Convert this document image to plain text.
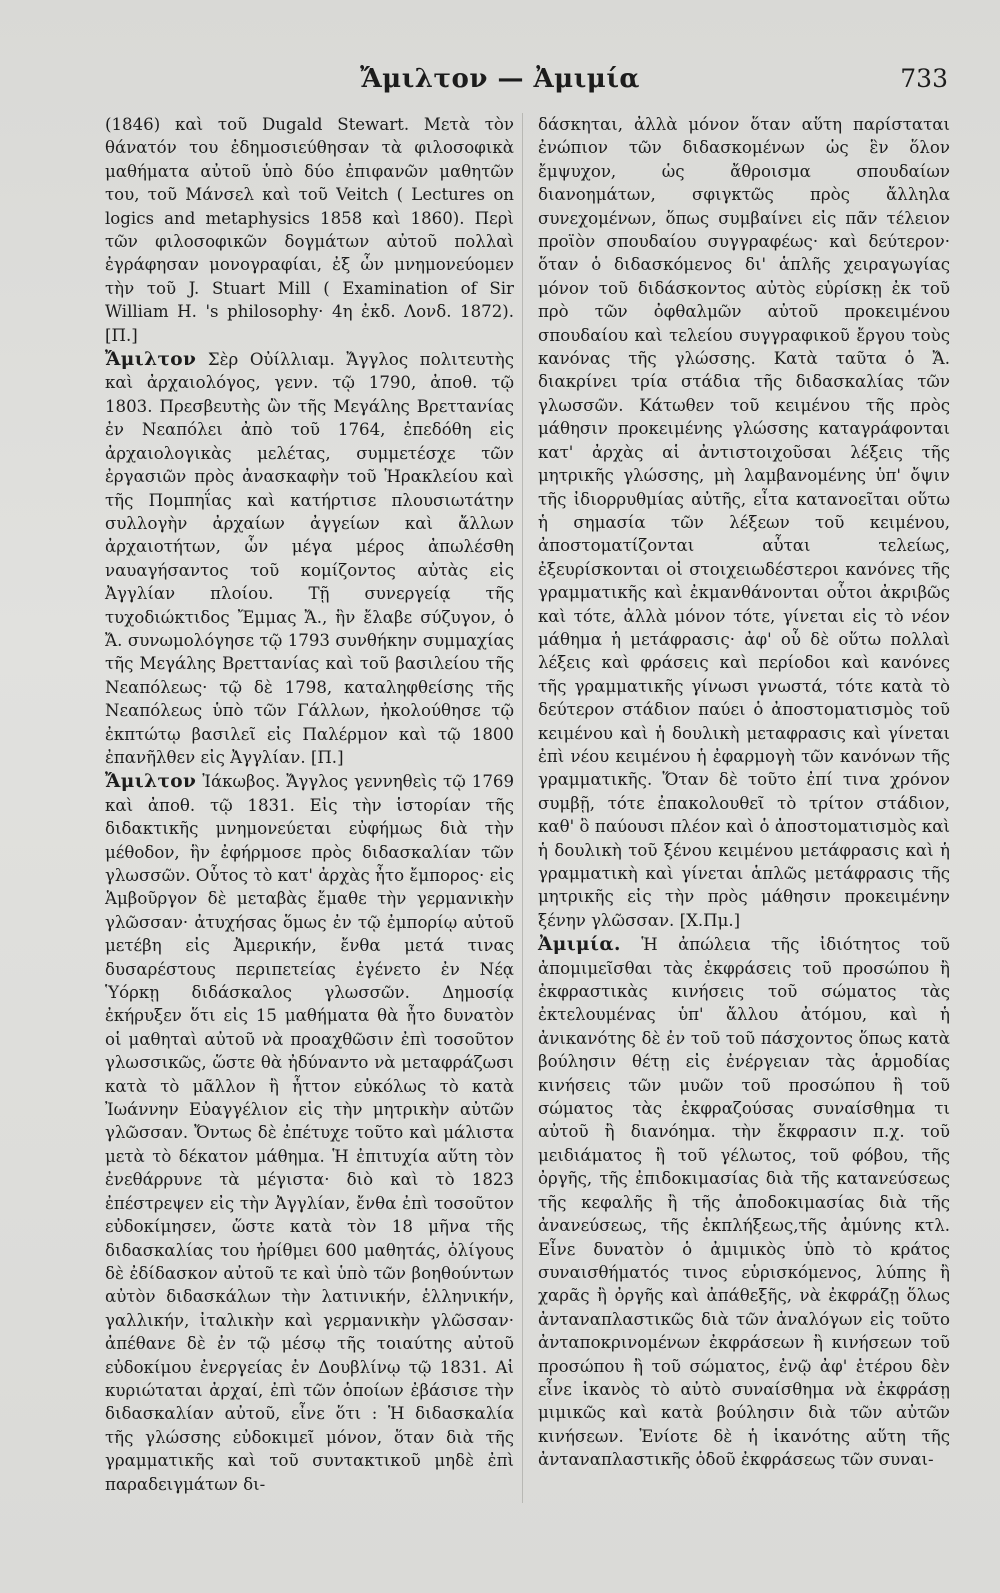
Ἄμιλτον — Ἀμιμία	733

(1846) καὶ τοῦ Dugald Stewart. Μετὰ τὸν θάνατόν του ἐδημοσιεύθησαν τὰ φιλοσοφικὰ μαθήματα αὐτοῦ ὑπὸ δύο ἐπιφανῶν μαθητῶν του, τοῦ Μάνσελ καὶ τοῦ Veitch ( Lectures on logics and metaphysics 1858 καὶ 1860). Περὶ τῶν φιλοσοφικῶν δογμάτων αὐτοῦ πολλαὶ ἐγράφησαν μονογραφίαι, ἐξ ὧν μνημονεύομεν τὴν τοῦ J. Stuart Mill ( Examination of Sir William H. 's philosophy· 4η ἐκδ. Λονδ. 1872). [Π.]

Ἄμιλτον Σὲρ Οὐίλλιαμ. Ἄγγλος πολιτευτὴς καὶ ἀρχαιολόγος, γενν. τῷ 1790, ἀποθ. τῷ 1803. Πρεσβευτὴς ὢν τῆς Μεγάλης Βρεττανίας ἐν Νεαπόλει ἀπὸ τοῦ 1764, ἐπεδόθη εἰς ἀρχαιολογικὰς μελέτας, συμμετέσχε τῶν ἐργασιῶν πρὸς ἀνασκαφὴν τοῦ Ἡρακλείου καὶ τῆς Πομπηΐας καὶ κατήρτισε πλουσιωτάτην συλλογὴν ἀρχαίων ἀγγείων καὶ ἄλλων ἀρχαιοτήτων, ὧν μέγα μέρος ἀπωλέσθη ναυαγήσαντος τοῦ κομίζοντος αὐτὰς εἰς Ἀγγλίαν πλοίου. Τῇ συνεργείᾳ τῆς τυχοδιώκτιδος Ἔμμας Ἄ., ἣν ἔλαβε σύζυγον, ὁ Ἄ. συνωμολόγησε τῷ 1793 συνθήκην συμμαχίας τῆς Μεγάλης Βρεττανίας καὶ τοῦ βασιλείου τῆς Νεαπόλεως· τῷ δὲ 1798, καταληφθείσης τῆς Νεαπόλεως ὑπὸ τῶν Γάλλων, ἠκολούθησε τῷ ἐκπτώτῳ βασιλεῖ εἰς Παλέρμον καὶ τῷ 1800 ἐπανῆλθεν εἰς Ἀγγλίαν. [Π.]

Ἄμιλτον Ἰάκωβος. Ἄγγλος γεννηθεὶς τῷ 1769 καὶ ἀποθ. τῷ 1831. Εἰς τὴν ἱστορίαν τῆς διδακτικῆς μνημονεύεται εὐφήμως διὰ τὴν μέθοδον, ἣν ἐφήρμοσε πρὸς διδασκαλίαν τῶν γλωσσῶν. Οὗτος τὸ κατ' ἀρχὰς ἦτο ἔμπορος· εἰς Ἁμβοῦργον δὲ μεταβὰς ἔμαθε τὴν γερμανικὴν γλῶσσαν· ἀτυχήσας ὅμως ἐν τῷ ἐμπορίῳ αὐτοῦ μετέβη εἰς Ἀμερικήν, ἔνθα μετά τινας δυσαρέστους περιπετείας ἐγένετο ἐν Νέᾳ Ὑόρκῃ διδάσκαλος γλωσσῶν. Δημοσίᾳ ἐκήρυξεν ὅτι εἰς 15 μαθήματα θὰ ἦτο δυνατὸν οἱ μαθηταὶ αὐτοῦ νὰ προαχθῶσιν ἐπὶ τοσοῦτον γλωσσικῶς, ὥστε θὰ ἠδύναντο νὰ μεταφράζωσι κατὰ τὸ μᾶλλον ἢ ἧττον εὐκόλως τὸ κατὰ Ἰωάννην Εὐαγγέλιον εἰς τὴν μητρικὴν αὐτῶν γλῶσσαν. Ὄντως δὲ ἐπέτυχε τοῦτο καὶ μάλιστα μετὰ τὸ δέκατον μάθημα. Ἡ ἐπιτυχία αὕτη τὸν ἐνεθάρρυνε τὰ μέγιστα· διὸ καὶ τὸ 1823 ἐπέστρεψεν εἰς τὴν Ἀγγλίαν, ἔνθα ἐπὶ τοσοῦτον εὐδοκίμησεν, ὥστε κατὰ τὸν 18 μῆνα τῆς διδασκαλίας του ἠρίθμει 600 μαθητάς, ὀλίγους δὲ ἐδίδασκον αὐτοῦ τε καὶ ὑπὸ τῶν βοηθούντων αὐτὸν διδασκάλων τὴν λατινικήν, ἑλληνικήν, γαλλικήν, ἰταλικὴν καὶ γερμανικὴν γλῶσσαν· ἀπέθανε δὲ ἐν τῷ μέσῳ τῆς τοιαύτης αὐτοῦ εὐδοκίμου ἐνεργείας ἐν Δουβλίνῳ τῷ 1831. Αἱ κυριώταται ἀρχαί, ἐπὶ τῶν ὁποίων ἐβάσισε τὴν διδασκαλίαν αὐτοῦ, εἶνε ὅτι : Ἡ διδασκαλία τῆς γλώσσης εὐδοκιμεῖ μόνον, ὅταν διὰ τῆς γραμματικῆς καὶ τοῦ συντακτικοῦ μηδὲ ἐπὶ παραδειγμάτων δι-

δάσκηται, ἀλλὰ μόνον ὅταν αὕτη παρίσταται ἐνώπιον τῶν διδασκομένων ὡς ἓν ὅλον ἔμψυχον, ὡς ἄθροισμα σπουδαίων διανοημάτων, σφιγκτῶς πρὸς ἄλληλα συνεχομένων, ὅπως συμβαίνει εἰς πᾶν τέλειον προϊὸν σπουδαίου συγγραφέως· καὶ δεύτερον· ὅταν ὁ διδασκόμενος δι' ἁπλῆς χειραγωγίας μόνον τοῦ διδάσκοντος αὐτὸς εὑρίσκῃ ἐκ τοῦ πρὸ τῶν ὀφθαλμῶν αὐτοῦ προκειμένου σπουδαίου καὶ τελείου συγγραφικοῦ ἔργου τοὺς κανόνας τῆς γλώσσης. Κατὰ ταῦτα ὁ Ἄ. διακρίνει τρία στάδια τῆς διδασκαλίας τῶν γλωσσῶν. Κάτωθεν τοῦ κειμένου τῆς πρὸς μάθησιν προκειμένης γλώσσης καταγράφονται κατ' ἀρχὰς αἱ ἀντιστοιχοῦσαι λέξεις τῆς μητρικῆς γλώσσης, μὴ λαμβανομένης ὑπ' ὄψιν τῆς ἰδιορρυθμίας αὐτῆς, εἶτα κατανοεῖται οὕτω ἡ σημασία τῶν λέξεων τοῦ κειμένου, ἀποστοματίζονται αὗται τελείως, ἐξευρίσκονται οἱ στοιχειωδέστεροι κανόνες τῆς γραμματικῆς καὶ ἐκμανθάνονται οὗτοι ἀκριβῶς καὶ τότε, ἀλλὰ μόνον τότε, γίνεται εἰς τὸ νέον μάθημα ἡ μετάφρασις· ἀφ' οὗ δὲ οὕτω πολλαὶ λέξεις καὶ φράσεις καὶ περίοδοι καὶ κανόνες τῆς γραμματικῆς γίνωσι γνωστά, τότε κατὰ τὸ δεύτερον στάδιον παύει ὁ ἀποστοματισμὸς τοῦ κειμένου καὶ ἡ δουλικὴ μεταφρασις καὶ γίνεται ἐπὶ νέου κειμένου ἡ ἐφαρμογὴ τῶν κανόνων τῆς γραμματικῆς. Ὅταν δὲ τοῦτο ἐπί τινα χρόνον συμβῇ, τότε ἐπακολουθεῖ τὸ τρίτον στάδιον, καθ' ὃ παύουσι πλέον καὶ ὁ ἀποστοματισμὸς καὶ ἡ δουλικὴ τοῦ ξένου κειμένου μετάφρασις καὶ ἡ γραμματικὴ καὶ γίνεται ἁπλῶς μετάφρασις τῆς μητρικῆς εἰς τὴν πρὸς μάθησιν προκειμένην ξένην γλῶσσαν. [Χ.Πμ.]

Ἀμιμία. Ἡ ἀπώλεια τῆς ἰδιότητος τοῦ ἀπομιμεῖσθαι τὰς ἐκφράσεις τοῦ προσώπου ἢ ἐκφραστικὰς κινήσεις τοῦ σώματος τὰς ἐκτελουμένας ὑπ' ἄλλου ἀτόμου, καὶ ἡ ἀνικανότης δὲ ἐν τοῦ τοῦ πάσχοντος ὅπως κατὰ βούλησιν θέτῃ εἰς ἐνέργειαν τὰς ἁρμοδίας κινήσεις τῶν μυῶν τοῦ προσώπου ἢ τοῦ σώματος τὰς ἐκφραζούσας συναίσθημα τι αὐτοῦ ἢ διανόημα. τὴν ἔκφρασιν π.χ. τοῦ μειδιάματος ἢ τοῦ γέλωτος, τοῦ φόβου, τῆς ὀργῆς, τῆς ἐπιδοκιμασίας διὰ τῆς κατανεύσεως τῆς κεφαλῆς ἢ τῆς ἀποδοκιμασίας διὰ τῆς ἀνανεύσεως, τῆς ἐκπλήξεως,τῆς ἀμύνης κτλ. Εἶνε δυνατὸν ὁ ἀμιμικὸς ὑπὸ τὸ κράτος συναισθήματός τινος εὑρισκόμενος, λύπης ἢ χαρᾶς ἢ ὀργῆς καὶ ἀπάθεξῆς, νὰ ἐκφράζῃ ὅλως ἀνταναπλαστικῶς διὰ τῶν ἀναλόγων εἰς τοῦτο ἀνταποκρινομένων ἐκφράσεων ἢ κινήσεων τοῦ προσώπου ἢ τοῦ σώματος, ἐνῷ ἀφ' ἑτέρου δὲν εἶνε ἱκανὸς τὸ αὐτὸ συναίσθημα νὰ ἐκφράσῃ μιμικῶς καὶ κατὰ βούλησιν διὰ τῶν αὐτῶν κινήσεων. Ἐνίοτε δὲ ἡ ἱκανότης αὕτη τῆς ἀνταναπλαστικῆς ὁδοῦ ἐκφράσεως τῶν συναι-
